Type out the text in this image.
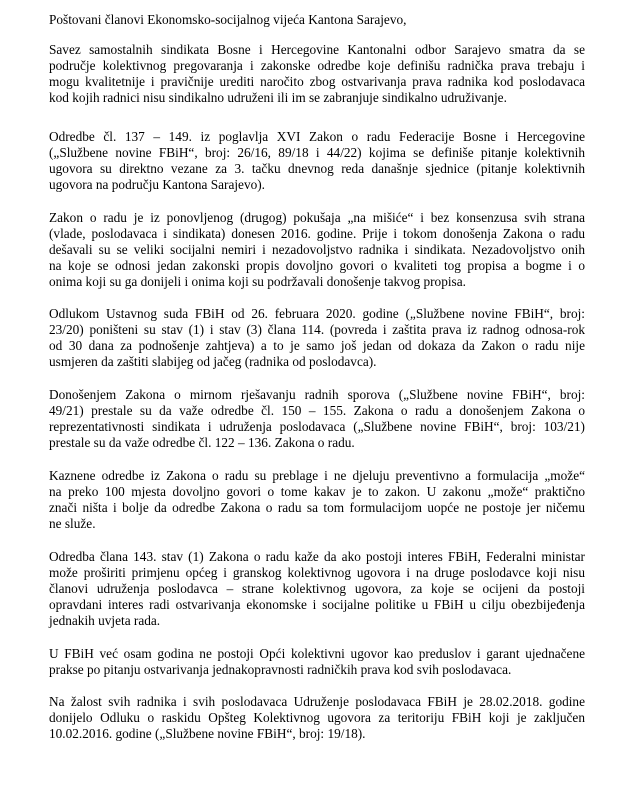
Poštovani članovi Ekonomsko-socijalnog vijeća Kantona Sarajevo,
Savez samostalnih sindikata Bosne i Hercegovine Kantonalni odbor Sarajevo smatra da se
područje kolektivnog pregovaranja i zakonske odredbe koje definišu radnička prava trebaju i
mogu kvalitetnije i pravičnije urediti naročito zbog ostvarivanja prava radnika kod poslodavaca
kod kojih radnici nisu sindikalno udruženi ili im se zabranjuje sindikalno udruživanje.
Odredbe čl. 137 – 149. iz poglavlja XVI Zakon o radu Federacije Bosne i Hercegovine
(„Službene novine FBiH“, broj: 26/16, 89/18 i 44/22) kojima se definiše pitanje kolektivnih
ugovora su direktno vezane za 3. tačku dnevnog reda današnje sjednice (pitanje kolektivnih
ugovora na području Kantona Sarajevo).
Zakon o radu je iz ponovljenog (drugog) pokušaja „na mišiće“ i bez konsenzusa svih strana
(vlade, poslodavaca i sindikata) donesen 2016. godine. Prije i tokom donošenja Zakona o radu
dešavali su se veliki socijalni nemiri i nezadovoljstvo radnika i sindikata. Nezadovoljstvo onih
na koje se odnosi jedan zakonski propis dovoljno govori o kvaliteti tog propisa a bogme i o
onima koji su ga donijeli i onima koji su podržavali donošenje takvog propisa.
Odlukom Ustavnog suda FBiH od 26. februara 2020. godine („Službene novine FBiH“, broj:
23/20) poništeni su stav (1) i stav (3) člana 114. (povreda i zaštita prava iz radnog odnosa-rok
od 30 dana za podnošenje zahtjeva) a to je samo još jedan od dokaza da Zakon o radu nije
usmjeren da zaštiti slabijeg od jačeg (radnika od poslodavca).
Donošenjem Zakona o mirnom rješavanju radnih sporova („Službene novine FBiH“, broj:
49/21) prestale su da važe odredbe čl. 150 – 155. Zakona o radu a donošenjem Zakona o
reprezentativnosti sindikata i udruženja poslodavaca („Službene novine FBiH“, broj: 103/21)
prestale su da važe odredbe čl. 122 – 136. Zakona o radu.
Kaznene odredbe iz Zakona o radu su preblage i ne djeluju preventivno a formulacija „može“
na preko 100 mjesta dovoljno govori o tome kakav je to zakon. U zakonu „može“ praktično
znači ništa i bolje da odredbe Zakona o radu sa tom formulacijom uopće ne postoje jer ničemu
ne služe.
Odredba člana 143. stav (1) Zakona o radu kaže da ako postoji interes FBiH, Federalni ministar
može proširiti primjenu općeg i granskog kolektivnog ugovora i na druge poslodavce koji nisu
članovi udruženja poslodavca – strane kolektivnog ugovora, za koje se ocijeni da postoji
opravdani interes radi ostvarivanja ekonomske i socijalne politike u FBiH u cilju obezbijeđenja
jednakih uvjeta rada.
U FBiH već osam godina ne postoji Opći kolektivni ugovor kao preduslov i garant ujednačene
prakse po pitanju ostvarivanja jednakopravnosti radničkih prava kod svih poslodavaca.
Na žalost svih radnika i svih poslodavaca Udruženje poslodavaca FBiH je 28.02.2018. godine
donijelo Odluku o raskidu Opšteg Kolektivnog ugovora za teritoriju FBiH koji je zaključen
10.02.2016. godine („Službene novine FBiH“, broj: 19/18).
